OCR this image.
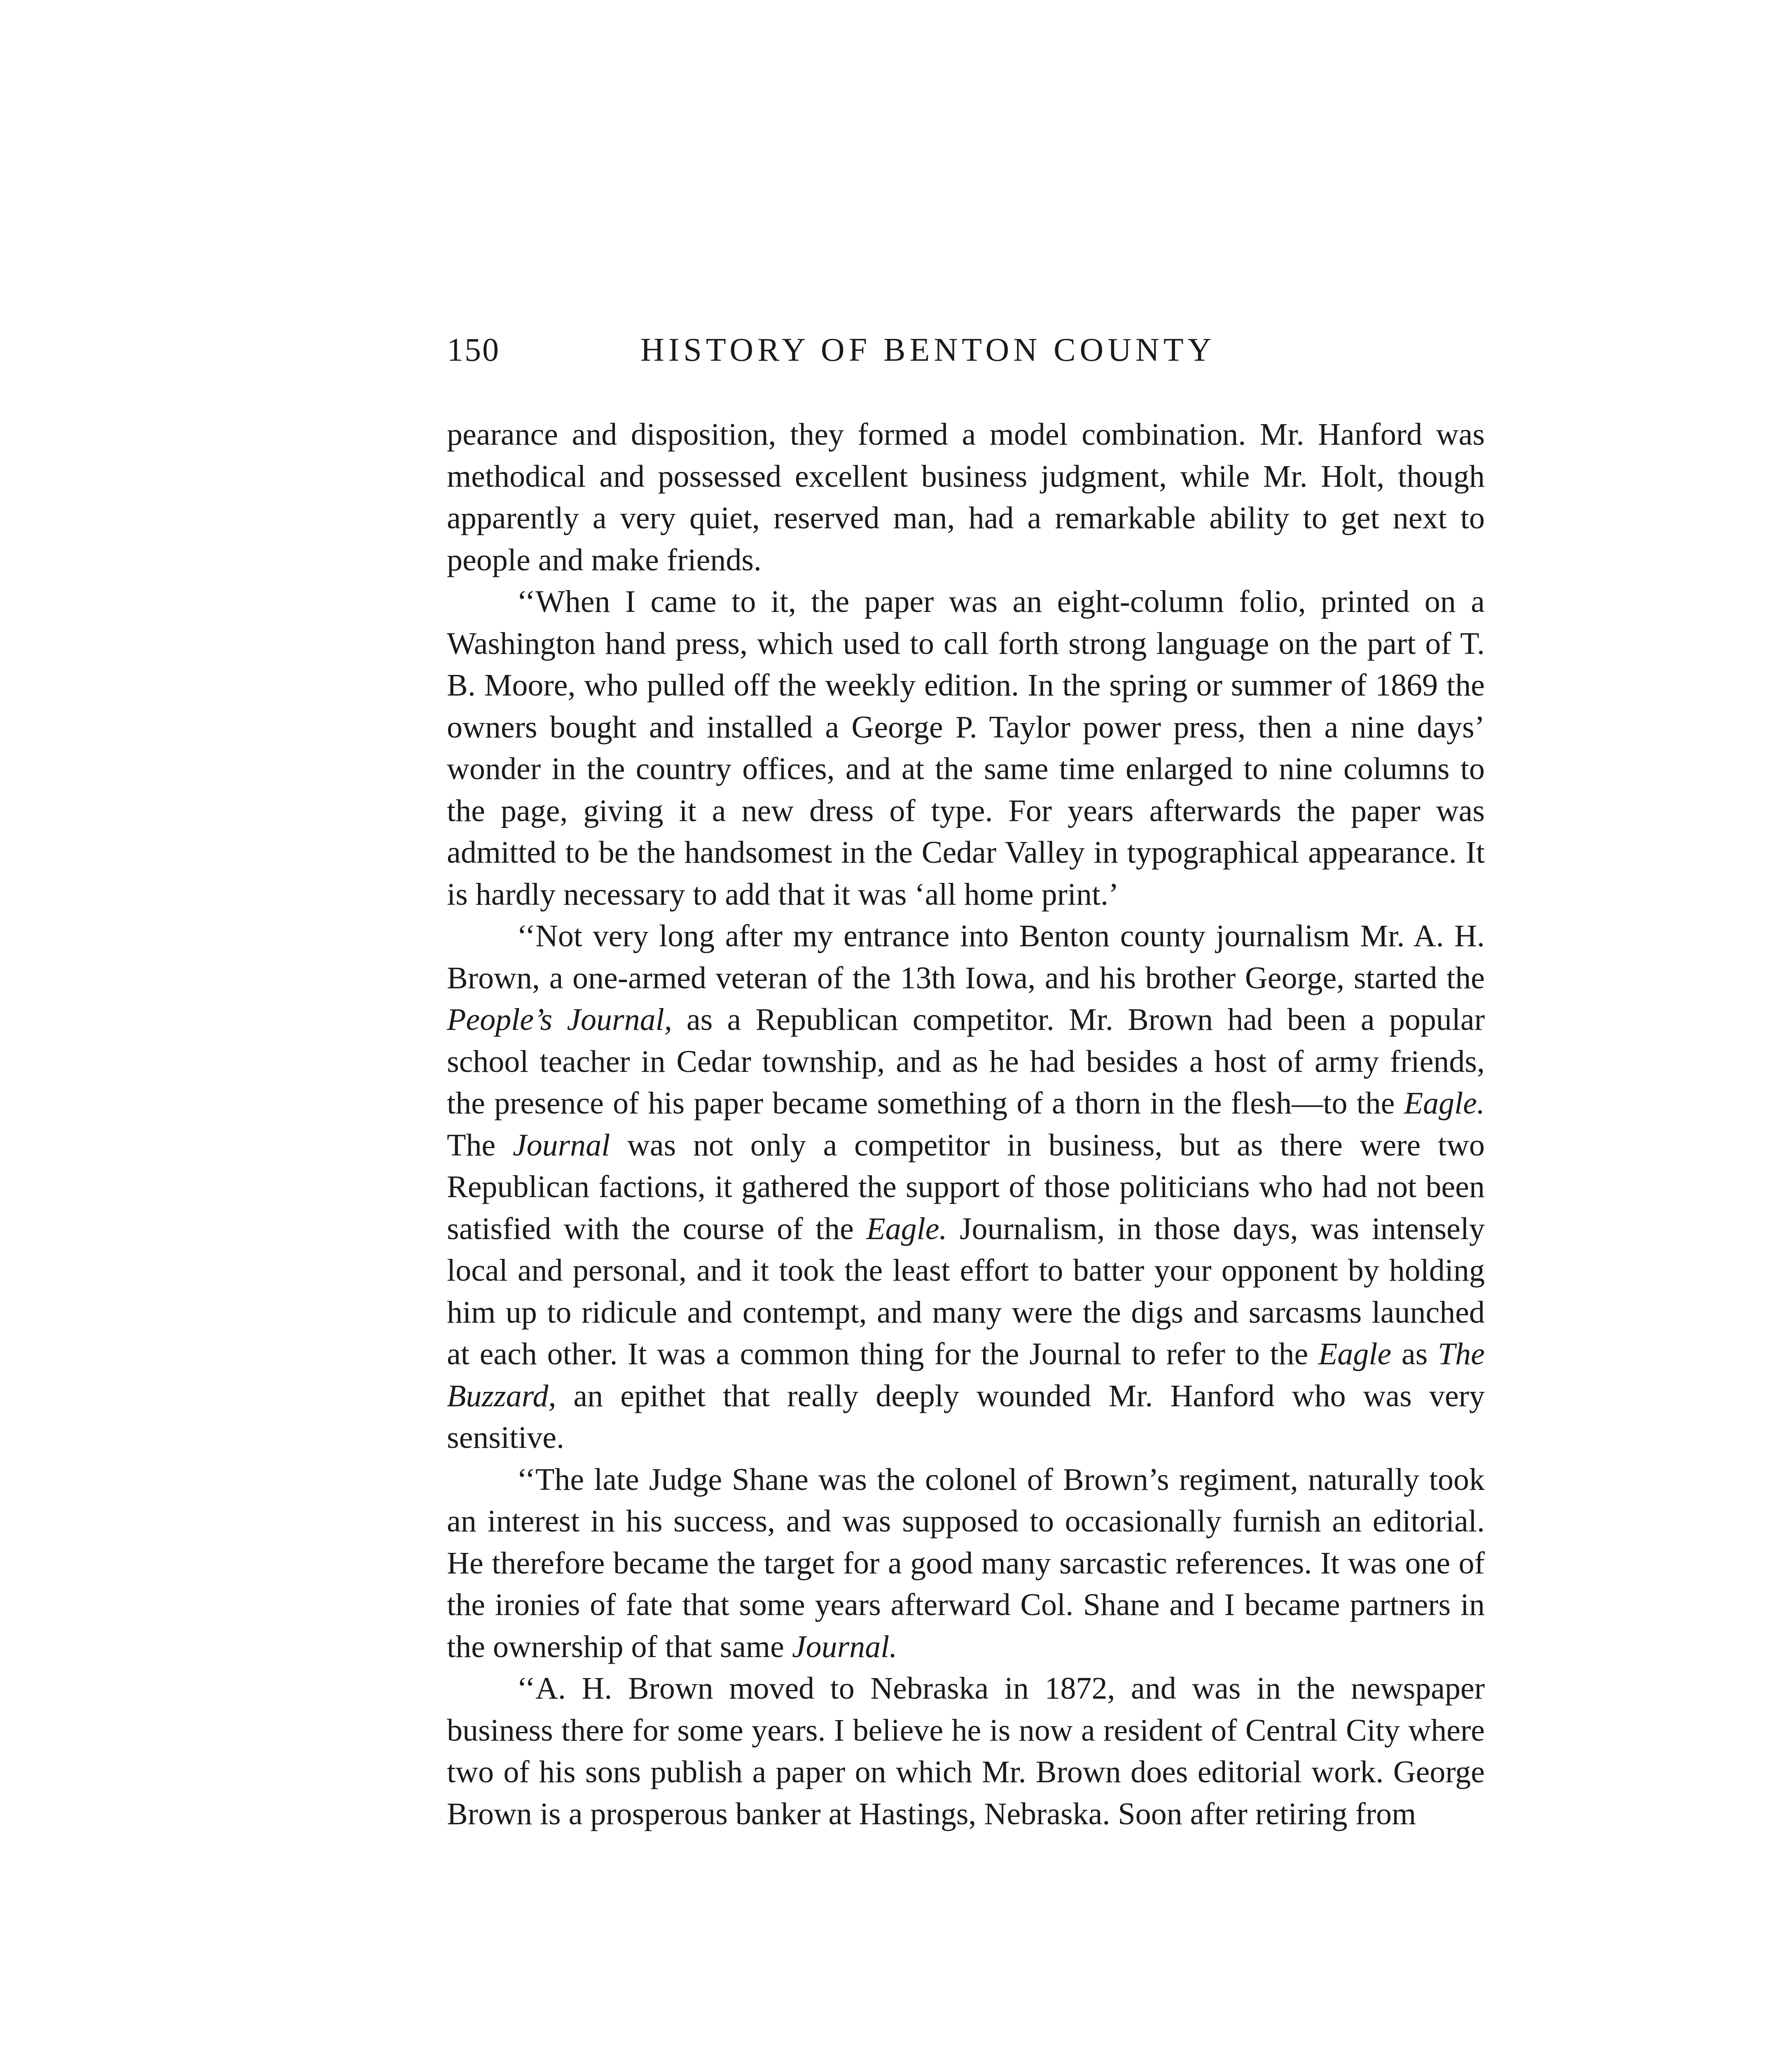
150	HISTORY OF BENTON COUNTY

pearance and disposition, they formed a model combination. Mr. Hanford was methodical and possessed excellent business judgment, while Mr. Holt, though apparently a very quiet, reserved man, had a remarkable ability to get next to people and make friends.

‘‘When I came to it, the paper was an eight-column folio, printed on a Washington hand press, which used to call forth strong language on the part of T. B. Moore, who pulled off the weekly edition. In the spring or summer of 1869 the owners bought and installed a George P. Taylor power press, then a nine days’ wonder in the country offices, and at the same time enlarged to nine columns to the page, giving it a new dress of type. For years afterwards the paper was admitted to be the handsomest in the Cedar Valley in typographical appearance. It is hardly necessary to add that it was ‘all home print.’

‘‘Not very long after my entrance into Benton county journalism Mr. A. H. Brown, a one-armed veteran of the 13th Iowa, and his brother George, started the People’s Journal, as a Republican competitor. Mr. Brown had been a popular school teacher in Cedar township, and as he had besides a host of army friends, the presence of his paper became something of a thorn in the flesh—to the Eagle. The Journal was not only a competitor in business, but as there were two Republican factions, it gathered the support of those politicians who had not been satisfied with the course of the Eagle. Journalism, in those days, was intensely local and personal, and it took the least effort to batter your opponent by holding him up to ridicule and contempt, and many were the digs and sarcasms launched at each other. It was a common thing for the Journal to refer to the Eagle as The Buzzard, an epithet that really deeply wounded Mr. Hanford who was very sensitive.

‘‘The late Judge Shane was the colonel of Brown’s regiment, naturally took an interest in his success, and was supposed to occasionally furnish an editorial. He therefore became the target for a good many sarcastic references. It was one of the ironies of fate that some years afterward Col. Shane and I became partners in the ownership of that same Journal.

‘‘A. H. Brown moved to Nebraska in 1872, and was in the newspaper business there for some years. I believe he is now a resident of Central City where two of his sons publish a paper on which Mr. Brown does editorial work. George Brown is a prosperous banker at Hastings, Nebraska. Soon after retiring from
